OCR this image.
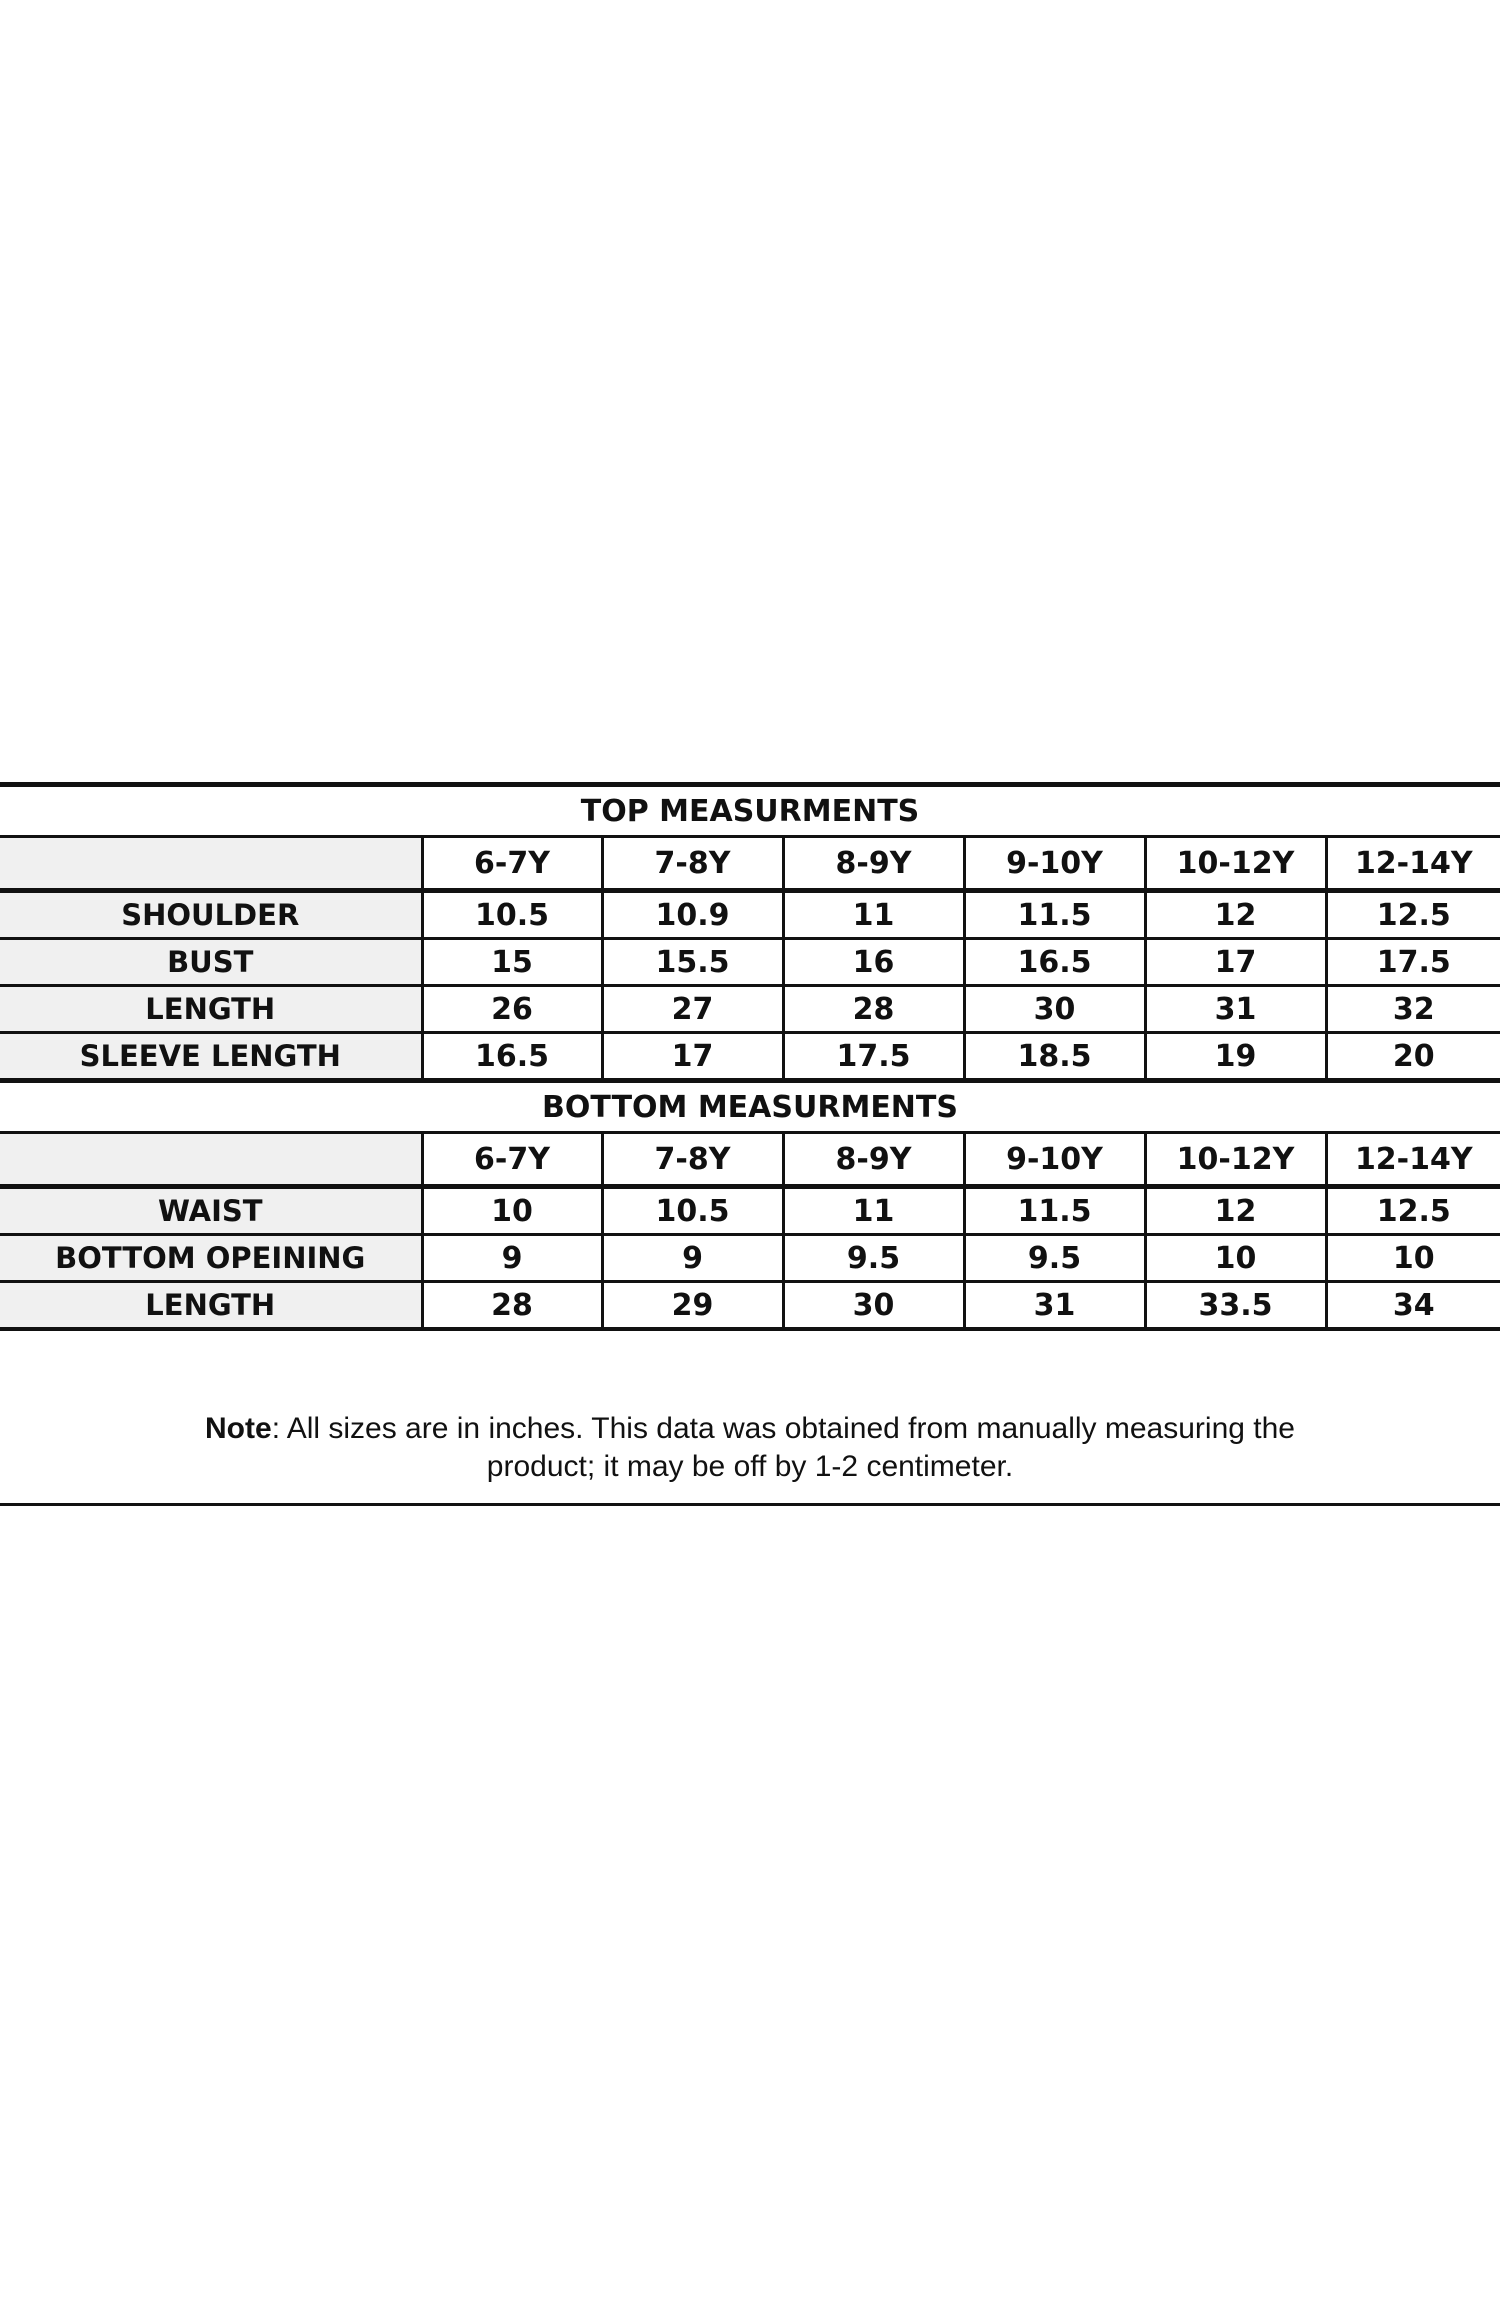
TOP MEASURMENTS						
	6-7Y	7-8Y	8-9Y	9-10Y	10-12Y	12-14Y
SHOULDER	10.5	10.9	11	11.5	12	12.5
BUST	15	15.5	16	16.5	17	17.5
LENGTH	26	27	28	30	31	32
SLEEVE LENGTH	16.5	17	17.5	18.5	19	20
BOTTOM MEASURMENTS						
	6-7Y	7-8Y	8-9Y	9-10Y	10-12Y	12-14Y
WAIST	10	10.5	11	11.5	12	12.5
BOTTOM OPEINING	9	9	9.5	9.5	10	10
LENGTH	28	29	30	31	33.5	34
Note: All sizes are in inches. This data was obtained from manually measuring the
product; it may be off by 1-2 centimeter.
